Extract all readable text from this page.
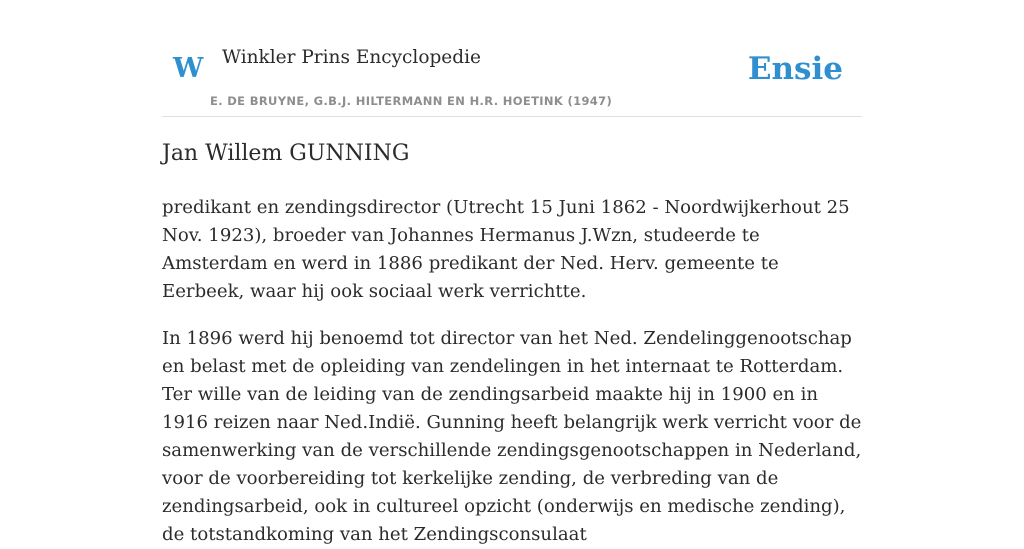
W Winkler Prins Encyclopedie
E. DE BRUYNE, G.B.J. HILTERMANN EN H.R. HOETINK (1947)
Ensie
Jan Willem GUNNING

predikant en zendingsdirector (Utrecht 15 Juni 1862 - Noordwijkerhout 25 Nov. 1923), broeder van Johannes Hermanus J.Wzn, studeerde te Amsterdam en werd in 1886 predikant der Ned. Herv. gemeente te Eerbeek, waar hij ook sociaal werk verrichtte.

In 1896 werd hij benoemd tot director van het Ned. Zendelinggenootschap en belast met de opleiding van zendelingen in het internaat te Rotterdam. Ter wille van de leiding van de zendingsarbeid maakte hij in 1900 en in 1916 reizen naar Ned.Indië. Gunning heeft belangrijk werk verricht voor de samenwerking van de verschillende zendingsgenootschappen in Nederland, voor de voorbereiding tot kerkelijke zending, de verbreding van de zendingsarbeid, ook in cultureel opzicht (onderwijs en medische zending), de totstandkoming van het Zendingsconsulaat
